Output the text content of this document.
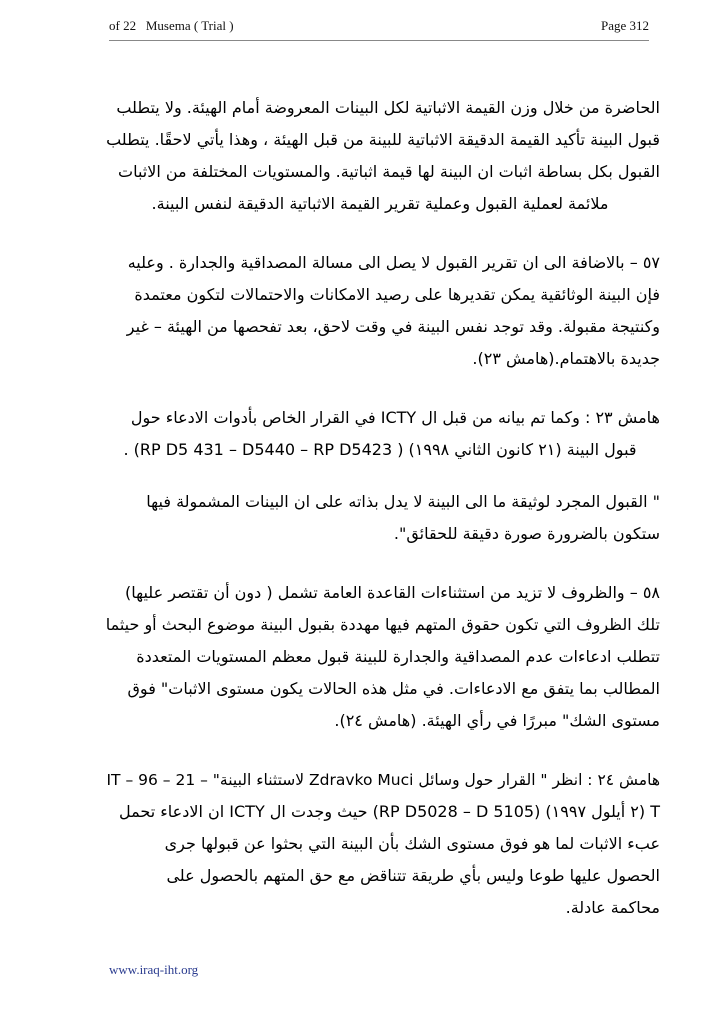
of 22   Musema ( Trial )	Page 312
الحاضرة من خلال وزن القيمة الاثباتية لكل البينات المعروضة أمام الهيئة. ولا يتطلب
قبول البينة تأكيد القيمة الدقيقة الاثباتية للبينة من قبل الهيئة ، وهذا يأتي لاحقًا. يتطلب
القبول بكل بساطة اثبات ان البينة لها قيمة اثباتية. والمستويات المختلفة من الاثبات
ملائمة لعملية القبول وعملية تقرير القيمة الاثباتية الدقيقة لنفس البينة.
٥٧ – بالاضافة الى ان تقرير القبول لا يصل الى مسالة المصداقية والجدارة . وعليه
فإن البينة الوثائقية يمكن تقديرها على رصيد الامكانات والاحتمالات لتكون معتمدة
وكنتيجة مقبولة. وقد توجد نفس البينة في وقت لاحق، بعد تفحصها من الهيئة – غير
جديدة بالاهتمام.(هامش ٢٣).
هامش ٢٣ : وكما تم بيانه من قبل ال ICTY في القرار الخاص بأدوات الادعاء حول
قبول البينة (٢١ كانون الثاني ١٩٩٨) ( RP D5 431 – D5440 – RP D5423) .
" القبول المجرد لوثيقة ما الى البينة لا يدل بذاته على ان البينات المشمولة فيها
ستكون بالضرورة صورة دقيقة للحقائق".
٥٨ – والظروف لا تزيد من استثناءات القاعدة العامة تشمل ( دون أن تقتصر عليها)
تلك الظروف التي تكون حقوق المتهم فيها مهددة بقبول البينة موضوع البحث أو حيثما
تتطلب ادعاءات عدم المصداقية والجدارة للبينة قبول معظم المستويات المتعددة
المطالب بما يتفق مع الادعاءات. في مثل هذه الحالات يكون مستوى الاثبات" فوق
مستوى الشك" مبررًا في رأي الهيئة. (هامش ٢٤).
هامش ٢٤ : انظر " القرار حول وسائل Zdravko Muci لاستثناء البينة" – 21 – 96 – IT
T (٢ أيلول ١٩٩٧) (RP D5028 – D 5105) حيث وجدت ال ICTY ان الادعاء تحمل
عبء الاثبات لما هو فوق مستوى الشك بأن البينة التي بحثوا عن قبولها جرى
الحصول عليها طوعا وليس بأي طريقة تتناقض مع حق المتهم بالحصول على
محاكمة عادلة.
www.iraq-iht.org
